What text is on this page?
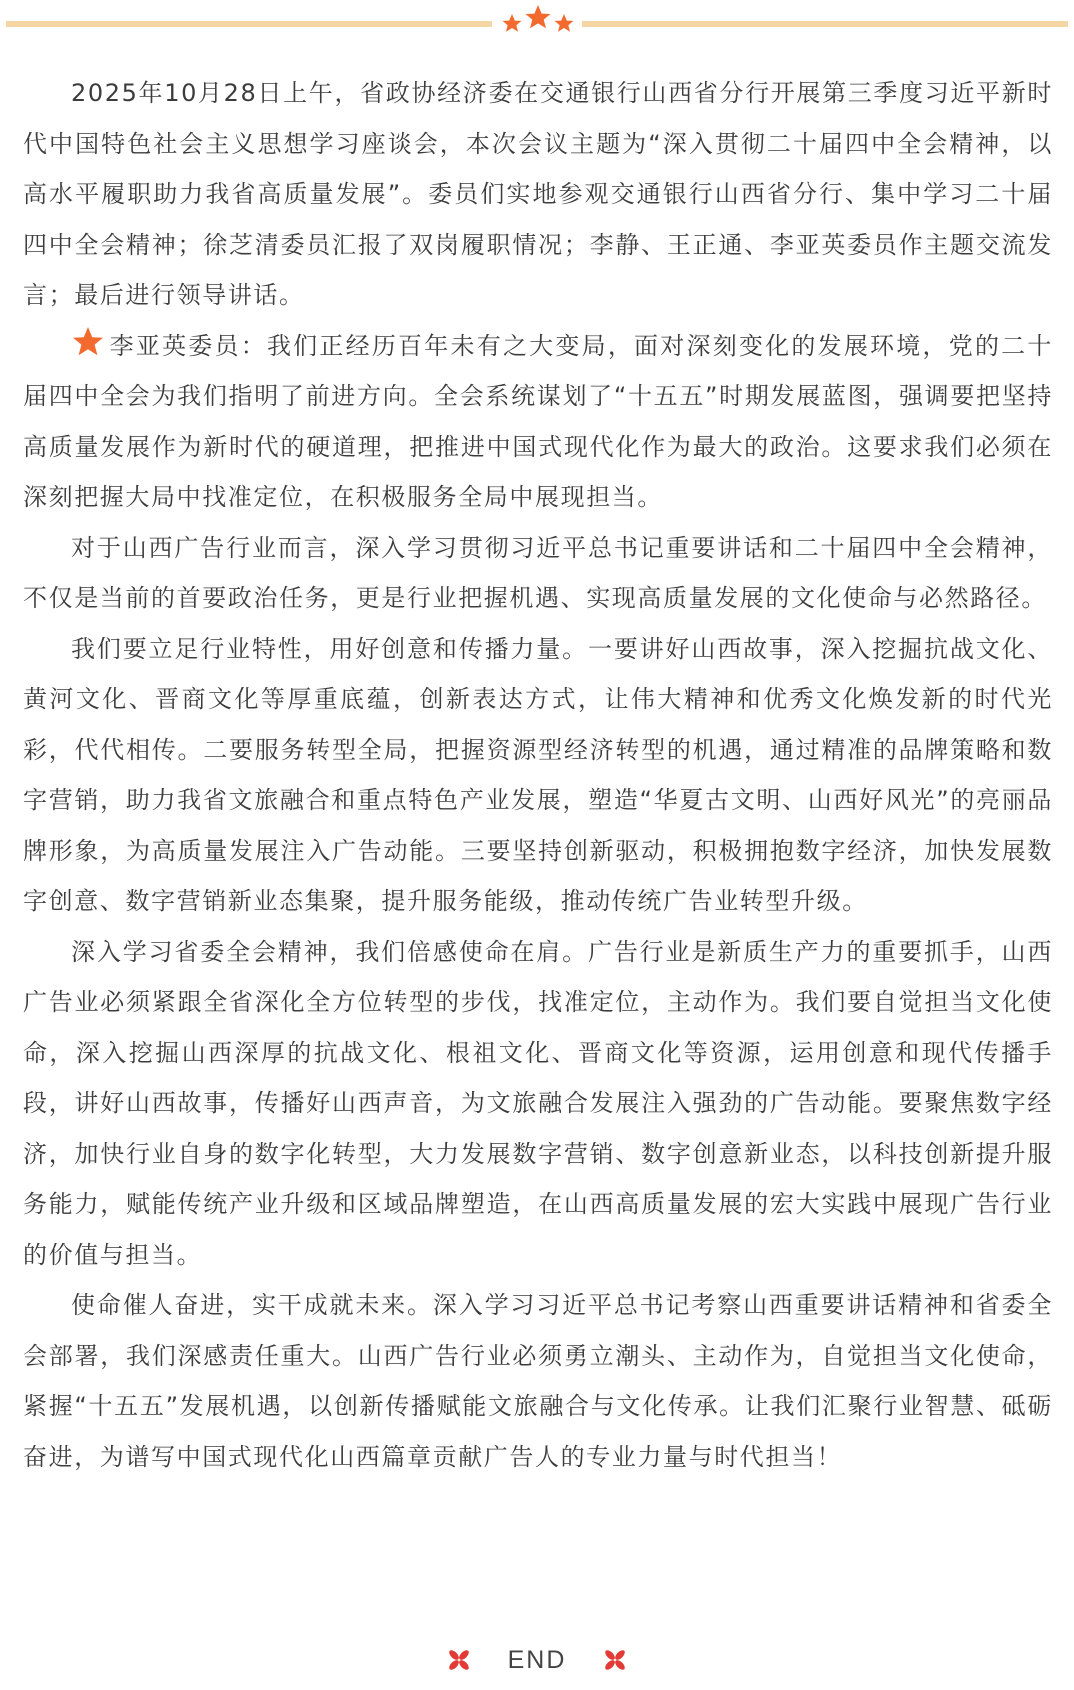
2025年10月28日上午，省政协经济委在交通银行山西省分行开展第三季度习近平新时代中国特色社会主义思想学习座谈会，本次会议主题为“深入贯彻二十届四中全会精神，以高水平履职助力我省高质量发展”。委员们实地参观交通银行山西省分行、集中学习二十届四中全会精神；徐芝清委员汇报了双岗履职情况；李静、王正通、李亚英委员作主题交流发言；最后进行领导讲话。

李亚英委员：我们正经历百年未有之大变局，面对深刻变化的发展环境，党的二十届四中全会为我们指明了前进方向。全会系统谋划了“十五五”时期发展蓝图，强调要把坚持高质量发展作为新时代的硬道理，把推进中国式现代化作为最大的政治。这要求我们必须在深刻把握大局中找准定位，在积极服务全局中展现担当。

对于山西广告行业而言，深入学习贯彻习近平总书记重要讲话和二十届四中全会精神，不仅是当前的首要政治任务，更是行业把握机遇、实现高质量发展的文化使命与必然路径。

我们要立足行业特性，用好创意和传播力量。一要讲好山西故事，深入挖掘抗战文化、黄河文化、晋商文化等厚重底蕴，创新表达方式，让伟大精神和优秀文化焕发新的时代光彩，代代相传。二要服务转型全局，把握资源型经济转型的机遇，通过精准的品牌策略和数字营销，助力我省文旅融合和重点特色产业发展，塑造“华夏古文明、山西好风光”的亮丽品牌形象，为高质量发展注入广告动能。三要坚持创新驱动，积极拥抱数字经济，加快发展数字创意、数字营销新业态集聚，提升服务能级，推动传统广告业转型升级。

深入学习省委全会精神，我们倍感使命在肩。广告行业是新质生产力的重要抓手，山西广告业必须紧跟全省深化全方位转型的步伐，找准定位，主动作为。我们要自觉担当文化使命，深入挖掘山西深厚的抗战文化、根祖文化、晋商文化等资源，运用创意和现代传播手段，讲好山西故事，传播好山西声音，为文旅融合发展注入强劲的广告动能。要聚焦数字经济，加快行业自身的数字化转型，大力发展数字营销、数字创意新业态，以科技创新提升服务能力，赋能传统产业升级和区域品牌塑造，在山西高质量发展的宏大实践中展现广告行业的价值与担当。

使命催人奋进，实干成就未来。深入学习习近平总书记考察山西重要讲话精神和省委全会部署，我们深感责任重大。山西广告行业必须勇立潮头、主动作为，自觉担当文化使命，紧握“十五五”发展机遇，以创新传播赋能文旅融合与文化传承。让我们汇聚行业智慧、砥砺奋进，为谱写中国式现代化山西篇章贡献广告人的专业力量与时代担当！

END
